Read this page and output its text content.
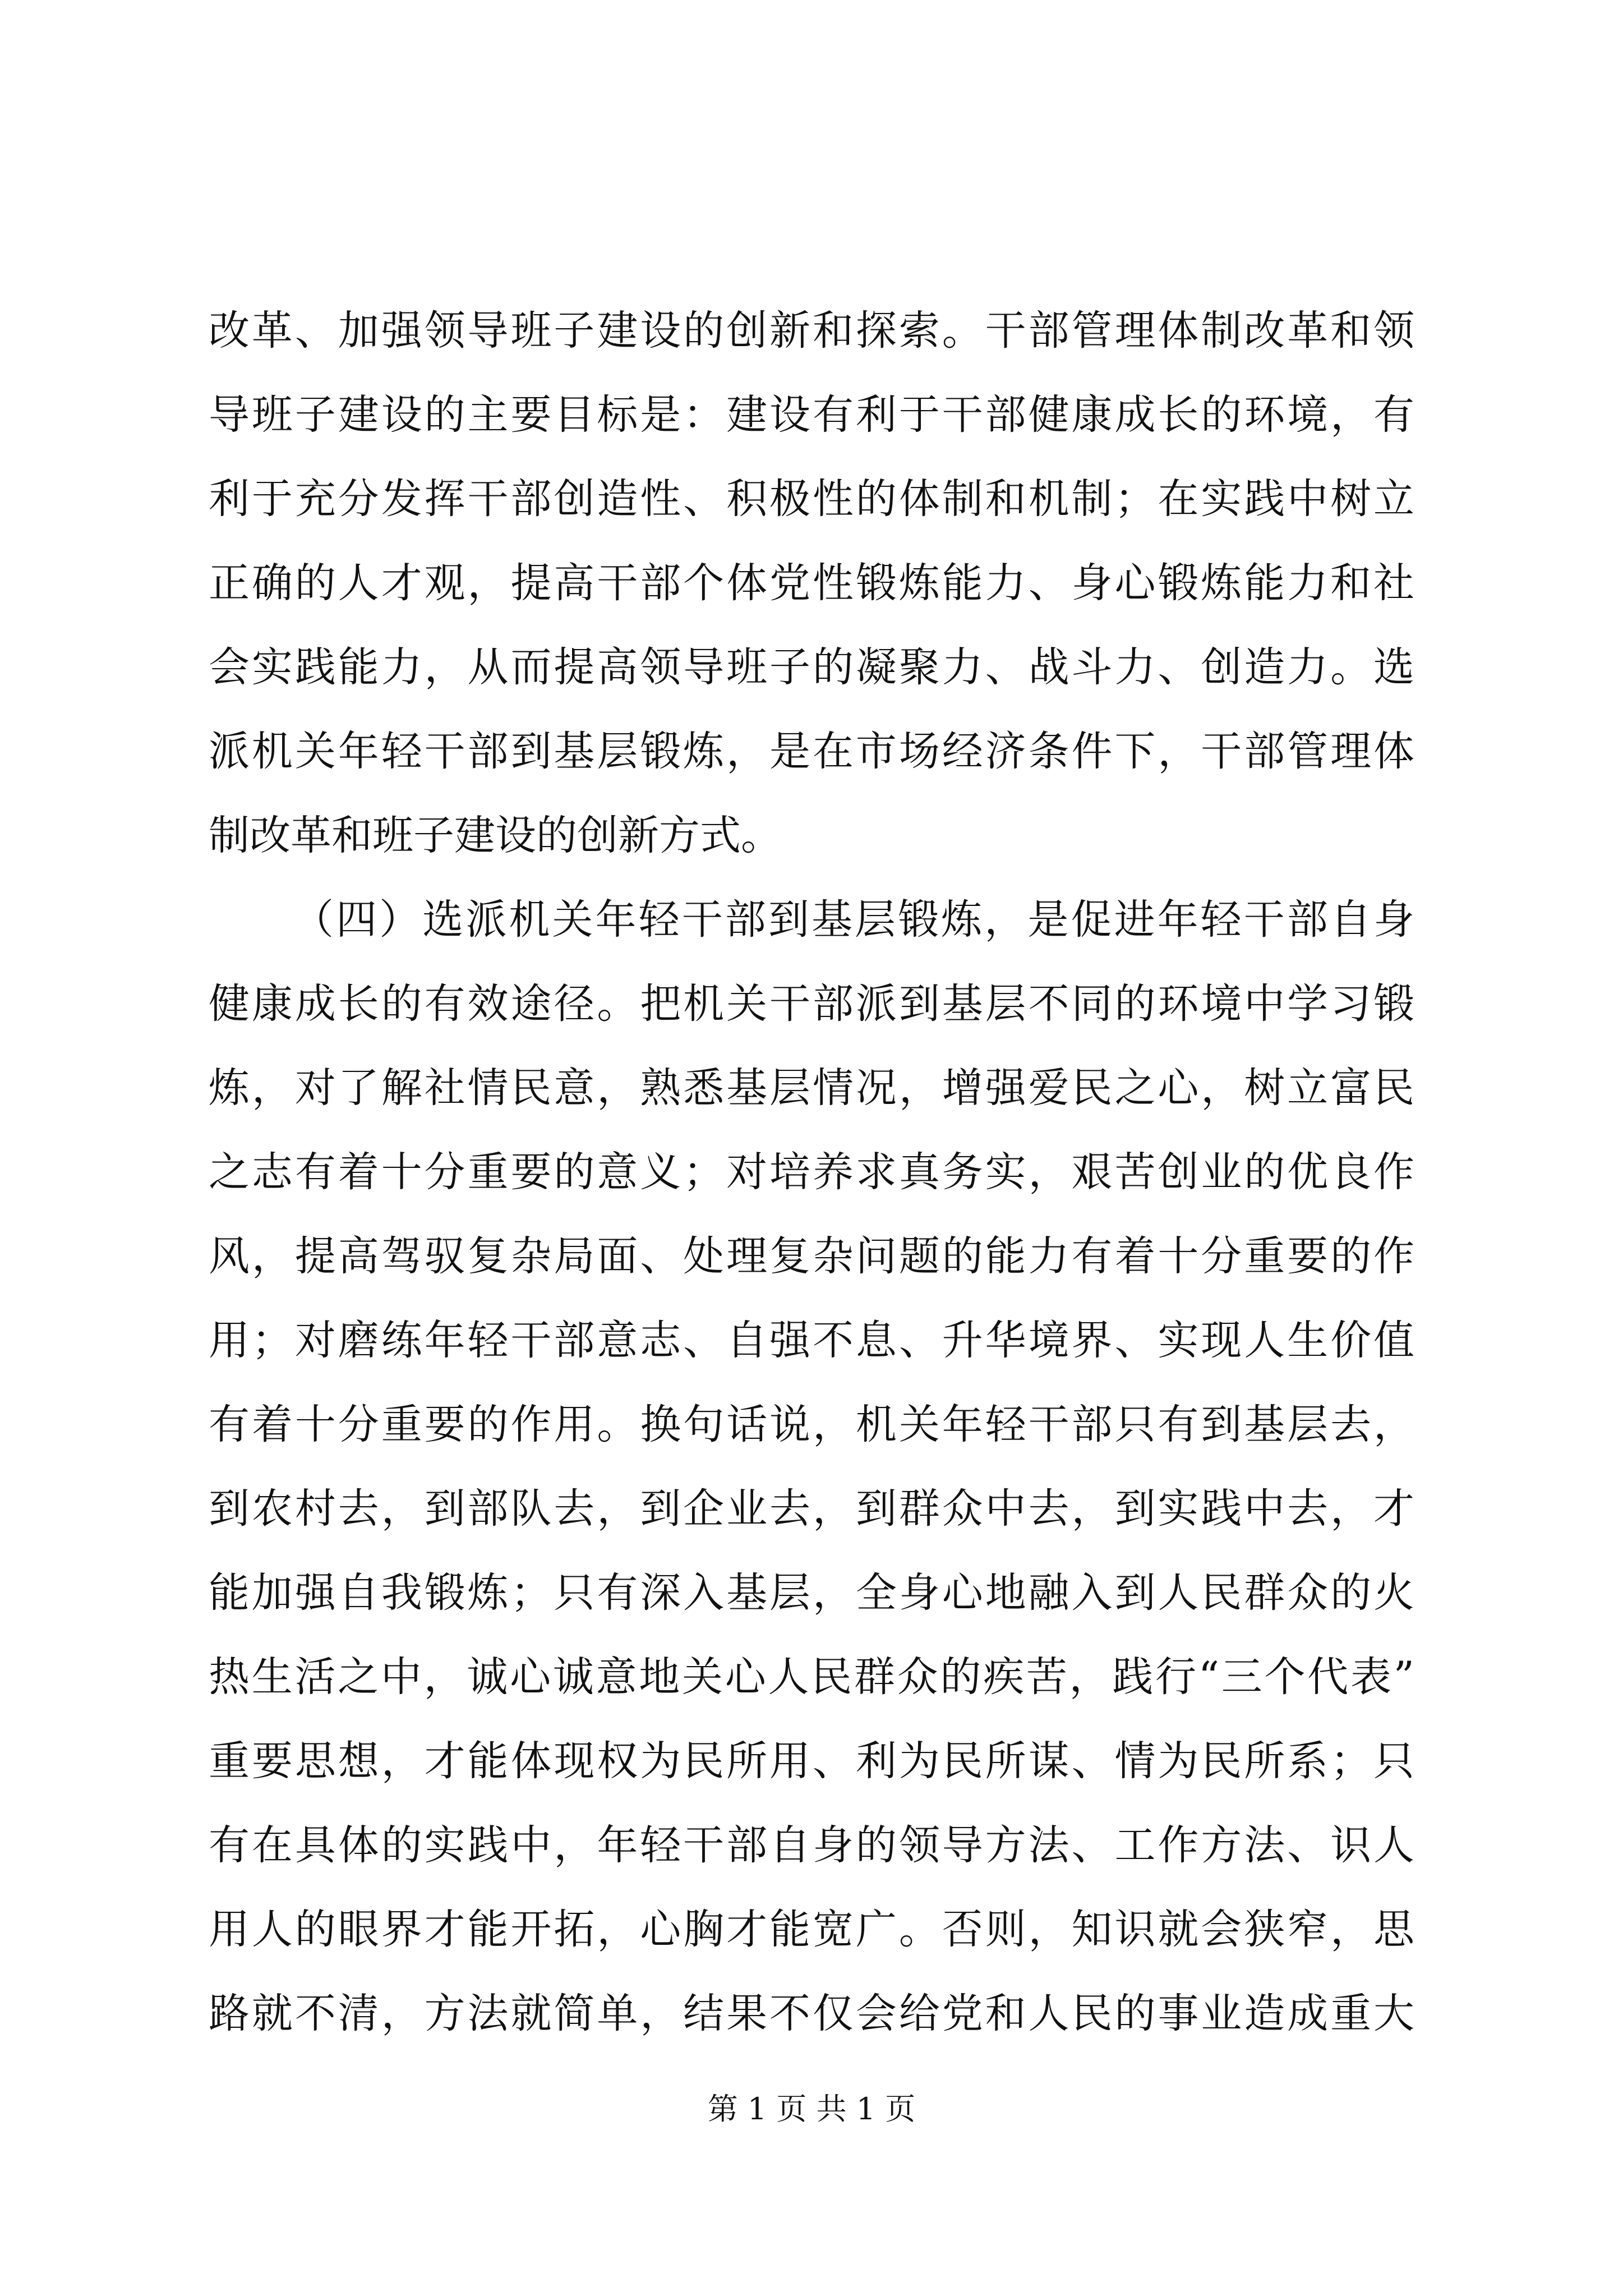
改革、加强领导班子建设的创新和探索。干部管理体制改革和领
导班子建设的主要目标是：建设有利于干部健康成长的环境，有
利于充分发挥干部创造性、积极性的体制和机制；在实践中树立
正确的人才观，提高干部个体党性锻炼能力、身心锻炼能力和社
会实践能力，从而提高领导班子的凝聚力、战斗力、创造力。选
派机关年轻干部到基层锻炼，是在市场经济条件下，干部管理体
制改革和班子建设的创新方式。
（四）选派机关年轻干部到基层锻炼，是促进年轻干部自身
健康成长的有效途径。把机关干部派到基层不同的环境中学习锻
炼，对了解社情民意，熟悉基层情况，增强爱民之心，树立富民
之志有着十分重要的意义；对培养求真务实，艰苦创业的优良作
风，提高驾驭复杂局面、处理复杂问题的能力有着十分重要的作
用；对磨练年轻干部意志、自强不息、升华境界、实现人生价值
有着十分重要的作用。换句话说，机关年轻干部只有到基层去，
到农村去，到部队去，到企业去，到群众中去，到实践中去，才
能加强自我锻炼；只有深入基层，全身心地融入到人民群众的火
热生活之中，诚心诚意地关心人民群众的疾苦，践行“三个代表”
重要思想，才能体现权为民所用、利为民所谋、情为民所系；只
有在具体的实践中，年轻干部自身的领导方法、工作方法、识人
用人的眼界才能开拓，心胸才能宽广。否则，知识就会狭窄，思
路就不清，方法就简单，结果不仅会给党和人民的事业造成重大
第 1 页 共 1 页
